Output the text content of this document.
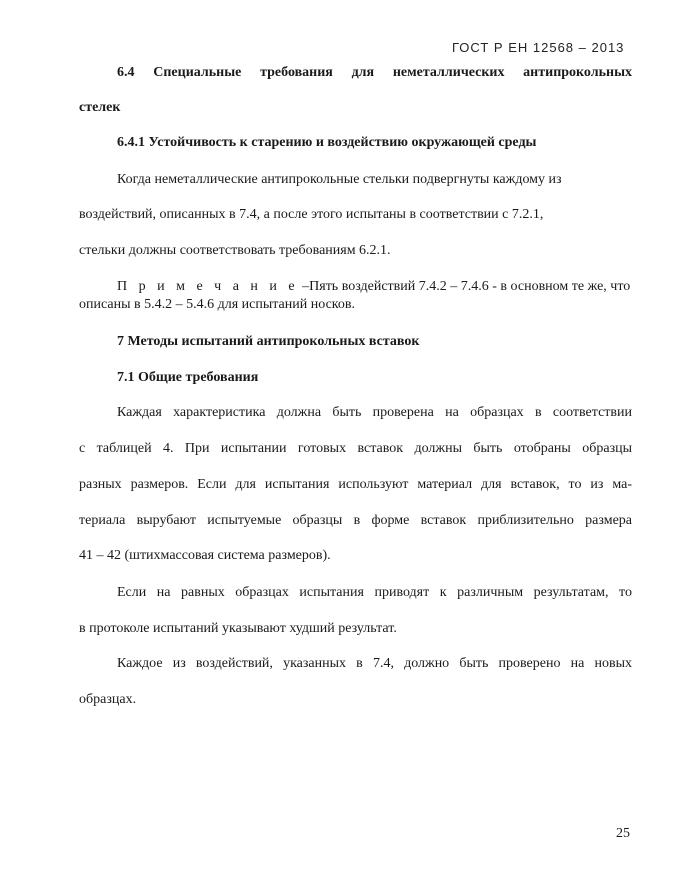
ГОСТ Р ЕН 12568 – 2013
6.4 Специальные требования для неметаллических антипрокольных
стелек
6.4.1 Устойчивость к старению и воздействию окружающей среды
Когда неметаллические антипрокольные стельки подвергнуты каждому из
воздействий, описанных в 7.4, а после этого испытаны в соответствии с 7.2.1,
стельки должны соответствовать требованиям 6.2.1.
П р и м е ч а н и е –Пять воздействий 7.4.2 – 7.4.6 - в основном те же, что
описаны в 5.4.2 – 5.4.6 для испытаний носков.
7 Методы испытаний антипрокольных вставок
7.1 Общие требования
Каждая характеристика должна быть проверена на образцах в соответствии
с таблицей 4. При испытании готовых вставок должны быть отобраны образцы
разных размеров. Если для испытания используют материал для вставок, то из ма-
териала вырубают испытуемые образцы в форме вставок приблизительно размера
41 – 42 (штихмассовая система размеров).
Если на равных образцах испытания приводят к различным результатам, то
в протоколе испытаний указывают худший результат.
Каждое из воздействий, указанных в 7.4, должно быть проверено на новых
образцах.
25
